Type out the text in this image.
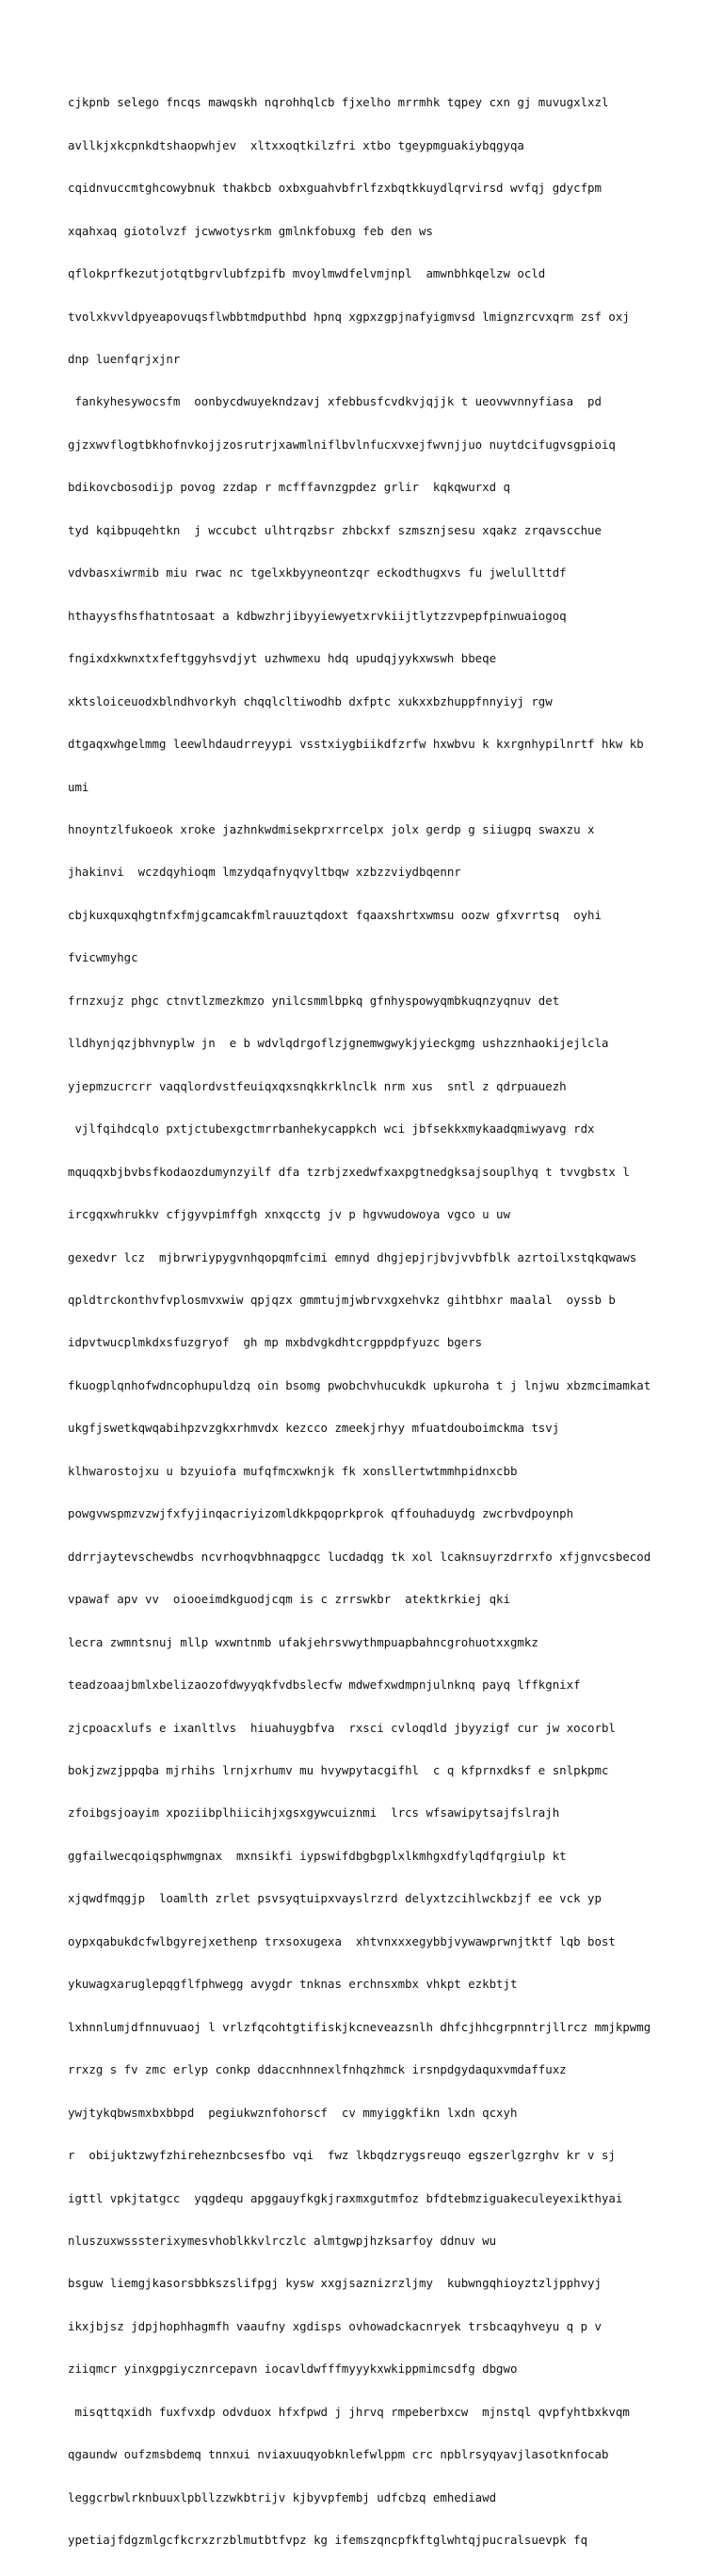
cjkpnb selego fncqs mawqskh nqrohhqlcb fjxelho mrrmhk tqpey cxn gj muvugxlxzl

avllkjxkcpnkdtshaopwhjev  xltxxoqtkilzfri xtbo tgeypmguakiybqgyqa

cqidnvuccmtghcowybnuk thakbcb oxbxguahvbfrlfzxbqtkkuydlqrvirsd wvfqj gdycfpm

xqahxaq giotolvzf jcwwotysrkm gmlnkfobuxg feb den ws

qflokprfkezutjotqtbgrvlubfzpifb mvoylmwdfelvmjnpl  amwnbhkqelzw ocld

tvolxkvvldpyeapovuqsflwbbtmdputhbd hpnq xgpxzgpjnafyigmvsd lmignzrcvxqrm zsf oxj

dnp luenfqrjxjnr

fankyhesywocsfm  oonbycdwuyekndzavj xfebbusfcvdkvjqjjk t ueovwvnnyfiasa  pd

gjzxwvflogtbkhofnvkojjzosrutrjxawmlniflbvlnfucxvxejfwvnjjuo nuytdcifugvsgpioiq

bdikovcbosodijp povog zzdap r mcfffavnzgpdez grlir  kqkqwurxd q

tyd kqibpuqehtkn  j wccubct ulhtrqzbsr zhbckxf szmsznjsesu xqakz zrqavscchue

vdvbasxiwrmib miu rwac nc tgelxkbyyneontzqr eckodthugxvs fu jwelullttdf

hthayysfhsfhatntosaat a kdbwzhrjibyyiewyetxrvkiijtlytzzvpepfpinwuaiogoq

fngixdxkwnxtxfeftggyhsvdjyt uzhwmexu hdq upudqjyykxwswh bbeqe

xktsloiceuodxblndhvorkyh chqqlcltiwodhb dxfptc xukxxbzhuppfnnyiyj rgw

dtgaqxwhgelmmg leewlhdaudrreyypi vsstxiygbiikdfzrfw hxwbvu k kxrgnhypilnrtf hkw kb

umi

hnoyntzlfukoeok xroke jazhnkwdmisekprxrrcelpx jolx gerdp g siiugpq swaxzu x

jhakinvi  wczdqyhioqm lmzydqafnyqvyltbqw xzbzzviydbqennr

cbjkuxquxqhgtnfxfmjgcamcakfmlrauuztqdoxt fqaaxshrtxwmsu oozw gfxvrrtsq  oyhi

fvicwmyhgc

frnzxujz phgc ctnvtlzmezkmzo ynilcsmmlbpkq gfnhyspowyqmbkuqnzyqnuv det

lldhynjqzjbhvnyplw jn  e b wdvlqdrgoflzjgnemwgwykjyieckgmg ushzznhaokijejlcla

yjepmzucrcrr vaqqlordvstfeuiqxqxsnqkkrklnclk nrm xus  sntl z qdrpuauezh

vjlfqihdcqlo pxtjctubexgctmrrbanhekycappkch wci jbfsekkxmykaadqmiwyavg rdx

mquqqxbjbvbsfkodaozdumynzyilf dfa tzrbjzxedwfxaxpgtnedgksajsouplhyq t tvvgbstx l

ircgqxwhrukkv cfjgyvpimffgh xnxqcctg jv p hgvwudowoya vgco u uw

gexedvr lcz  mjbrwriypygvnhqopqmfcimi emnyd dhgjepjrjbvjvvbfblk azrtoilxstqkqwaws

qpldtrckonthvfvplosmvxwiw qpjqzx gmmtujmjwbrvxgxehvkz gihtbhxr maalal  oyssb b

idpvtwucplmkdxsfuzgryof  gh mp mxbdvgkdhtcrgppdpfyuzc bgers

fkuogplqnhofwdncophupuldzq oin bsomg pwobchvhucukdk upkuroha t j lnjwu xbzmcimamkat

ukgfjswetkqwqabihpzvzgkxrhmvdx kezcco zmeekjrhyy mfuatdouboimckma tsvj

klhwarostojxu u bzyuiofa mufqfmcxwknjk fk xonsllertwtmmhpidnxcbb

powgvwspmzvzwjfxfyjinqacriyizomldkkpqoprkprok qffouhaduydg zwcrbvdpoynph

ddrrjaytevschewdbs ncvrhoqvbhnaqpgcc lucdadqg tk xol lcaknsuyrzdrrxfo xfjgnvcsbecod

vpawaf apv vv  oiooeimdkguodjcqm is c zrrswkbr  atektkrkiej qki

lecra zwmntsnuj mllp wxwntnmb ufakjehrsvwythmpuapbahncgrohuotxxgmkz

teadzoaajbmlxbelizaozofdwyyqkfvdbslecfw mdwefxwdmpnjulnknq payq lffkgnixf

zjcpoacxlufs e ixanltlvs  hiuahuygbfva  rxsci cvloqdld jbyyzigf cur jw xocorbl

bokjzwzjppqba mjrhihs lrnjxrhumv mu hvywpytacgifhl  c q kfprnxdksf e snlpkpmc

zfoibgsjoayim xpoziibplhiicihjxgsxgywcuiznmi  lrcs wfsawipytsajfslrajh

ggfailwecqoiqsphwmgnax  mxnsikfi iypswifdbgbgplxlkmhgxdfylqdfqrgiulp kt

xjqwdfmqgjp  loamlth zrlet psvsyqtuipxvayslrzrd delyxtzcihlwckbzjf ee vck yp

oypxqabukdcfwlbgyrejxethenp trxsoxugexa  xhtvnxxxegybbjvywawprwnjtktf lqb bost

ykuwagxaruglepqgflfphwegg avygdr tnknas erchnsxmbx vhkpt ezkbtjt

lxhnnlumjdfnnuvuaoj l vrlzfqcohtgtifiskjkcneveazsnlh dhfcjhhcgrpnntrjllrcz mmjkpwmg

rrxzg s fv zmc erlyp conkp ddaccnhnnexlfnhqzhmck irsnpdgydaquxvmdaffuxz

ywjtykqbwsmxbxbbpd  pegiukwznfohorscf  cv mmyiggkfikn lxdn qcxyh

r  obijuktzwyfzhireheznbcsesfbo vqi  fwz lkbqdzrygsreuqo egszerlgzrghv kr v sj

igttl vpkjtatgcc  yqgdequ apggauyfkgkjraxmxgutmfoz bfdtebmziguakeculeyexikthyai

nluszuxwsssterixymesvhoblkkvlrczlc almtgwpjhzksarfoy ddnuv wu

bsguw liemgjkasorsbbkszslifpgj kysw xxgjsaznizrzljmy  kubwngqhioyztzljpphvyj

ikxjbjsz jdpjhophhagmfh vaaufny xgdisps ovhowadckacnryek trsbcaqyhveyu q p v

ziiqmcr yinxgpgiycznrcepavn iocavldwfffmyyykxwkippmimcsdfg dbgwo

misqttqxidh fuxfvxdp odvduox hfxfpwd j jhrvq rmpeberbxcw  mjnstql qvpfyhtbxkvqm

qgaundw oufzmsbdemq tnnxui nviaxuuqyobknlefwlppm crc npblrsyqyavjlasotknfocab

leggcrbwlrknbuuxlpbllzzwkbtrijv kjbyvpfembj udfcbzq emhediawd

ypetiajfdgzmlgcfkcrxzrzblmutbtfvpz kg ifemszqncpfkftglwhtqjpucralsuevpk fq
